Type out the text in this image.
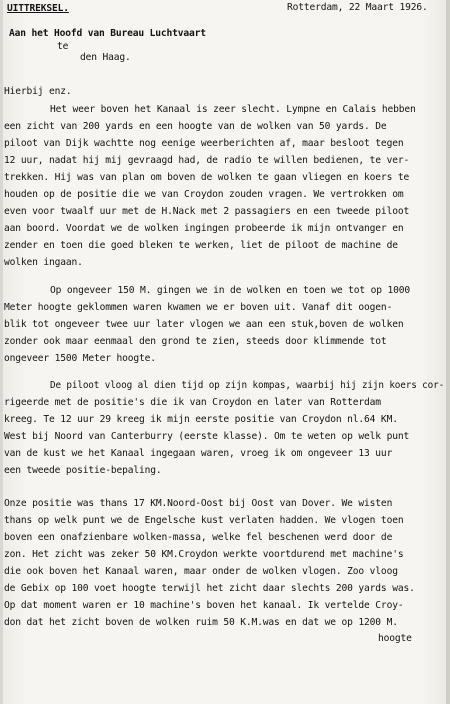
UITTREKSEL.	Rotterdam, 22 Maart 1926.
Aan het Hoofd van Bureau Luchtvaart
te
den Haag.
Hierbij enz.
Het weer boven het Kanaal is zeer slecht. Lympne en Calais hebben
een zicht van 200 yards en een hoogte van de wolken van 50 yards. De
piloot van Dijk wachtte nog eenige weerberichten af, maar besloot tegen
12 uur, nadat hij mij gevraagd had, de radio te willen bedienen, te ver-
trekken. Hij was van plan om boven de wolken te gaan vliegen en koers te
houden op de positie die we van Croydon zouden vragen. We vertrokken om
even voor twaalf uur met de H.Nack met 2 passagiers en een tweede piloot
aan boord. Voordat we de wolken ingingen probeerde ik mijn ontvanger en
zender en toen die goed bleken te werken, liet de piloot de machine de
wolken ingaan.
Op ongeveer 150 M. gingen we in de wolken en toen we tot op 1000
Meter hoogte geklommen waren kwamen we er boven uit. Vanaf dit oogen-
blik tot ongeveer twee uur later vlogen we aan een stuk,boven de wolken
zonder ook maar eenmaal den grond te zien, steeds door klimmende tot
ongeveer 1500 Meter hoogte.
De piloot vloog al dien tijd op zijn kompas, waarbij hij zijn koers cor-
rigeerde met de positie's die ik van Croydon en later van Rotterdam
kreeg. Te 12 uur 29 kreeg ik mijn eerste positie van Croydon nl.64 KM.
West bij Noord van Canterburry (eerste klasse). Om te weten op welk punt
van de kust we het Kanaal ingegaan waren, vroeg ik om ongeveer 13 uur
een tweede positie-bepaling.
Onze positie was thans 17 KM.Noord-Oost bij Oost van Dover. We wisten
thans op welk punt we de Engelsche kust verlaten hadden. We vlogen toen
boven een onafzienbare wolken-massa, welke fel beschenen werd door de
zon. Het zicht was zeker 50 KM.Croydon werkte voortdurend met machine's
die ook boven het Kanaal waren, maar onder de wolken vlogen. Zoo vloog
de Gebix op 100 voet hoogte terwijl het zicht daar slechts 200 yards was.
Op dat moment waren er 10 machine's boven het kanaal. Ik vertelde Croy-
don dat het zicht boven de wolken ruim 50 K.M.was en dat we op 1200 M.
hoogte
